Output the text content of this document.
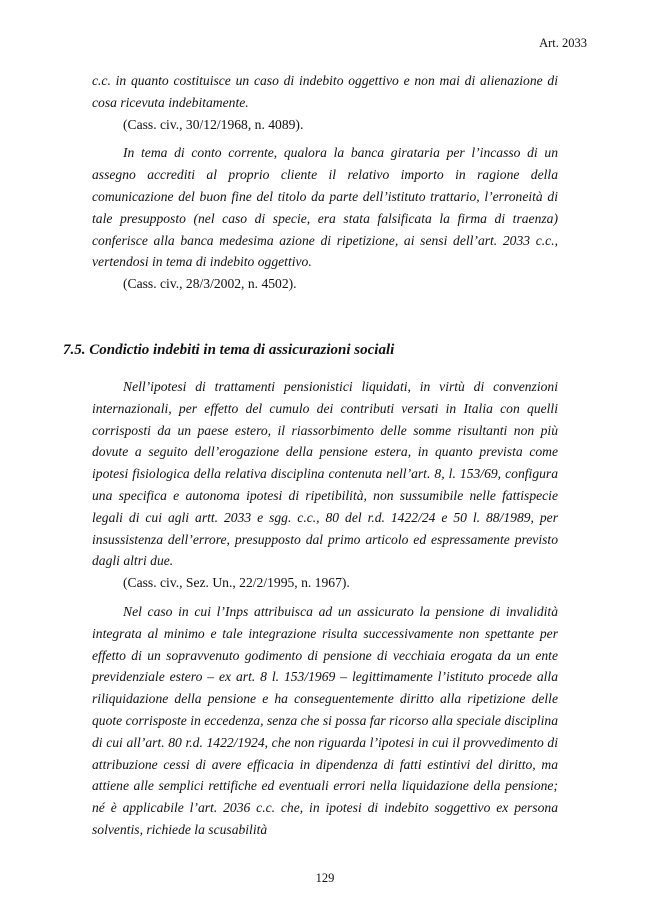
Art. 2033

c.c. in quanto costituisce un caso di indebito oggettivo e non mai di alienazione di cosa ricevuta indebitamente.

(Cass. civ., 30/12/1968, n. 4089).

In tema di conto corrente, qualora la banca girataria per l’incasso di un assegno accrediti al proprio cliente il relativo importo in ragione della comunicazione del buon fine del titolo da parte dell’istituto trattario, l’erroneità di tale presupposto (nel caso di specie, era stata falsificata la firma di traenza) conferisce alla banca medesima azione di ripetizione, ai sensi dell’art. 2033 c.c., vertendosi in tema di indebito oggettivo.

(Cass. civ., 28/3/2002, n. 4502).

7.5. Condictio indebiti in tema di assicurazioni sociali

Nell’ipotesi di trattamenti pensionistici liquidati, in virtù di convenzioni internazionali, per effetto del cumulo dei contributi versati in Italia con quelli corrisposti da un paese estero, il riassorbimento delle somme risultanti non più dovute a seguito dell’erogazione della pensione estera, in quanto prevista come ipotesi fisiologica della relativa disciplina contenuta nell’art. 8, l. 153/69, configura una specifica e autonoma ipotesi di ripetibilità, non sussumibile nelle fattispecie legali di cui agli artt. 2033 e sgg. c.c., 80 del r.d. 1422/24 e 50 l. 88/1989, per insussistenza dell’errore, presupposto dal primo articolo ed espressamente previsto dagli altri due.

(Cass. civ., Sez. Un., 22/2/1995, n. 1967).

Nel caso in cui l’Inps attribuisca ad un assicurato la pensione di invalidità integrata al minimo e tale integrazione risulta successivamente non spettante per effetto di un sopravvenuto godimento di pensione di vecchiaia erogata da un ente previdenziale estero – ex art. 8 l. 153/1969 – legittimamente l’istituto procede alla riliquidazione della pensione e ha conseguentemente diritto alla ripetizione delle quote corrisposte in eccedenza, senza che si possa far ricorso alla speciale disciplina di cui all’art. 80 r.d. 1422/1924, che non riguarda l’ipotesi in cui il provvedimento di attribuzione cessi di avere efficacia in dipendenza di fatti estintivi del diritto, ma attiene alle semplici rettifiche ed eventuali errori nella liquidazione della pensione; né è applicabile l’art. 2036 c.c. che, in ipotesi di indebito soggettivo ex persona solventis, richiede la scusabilità

129
